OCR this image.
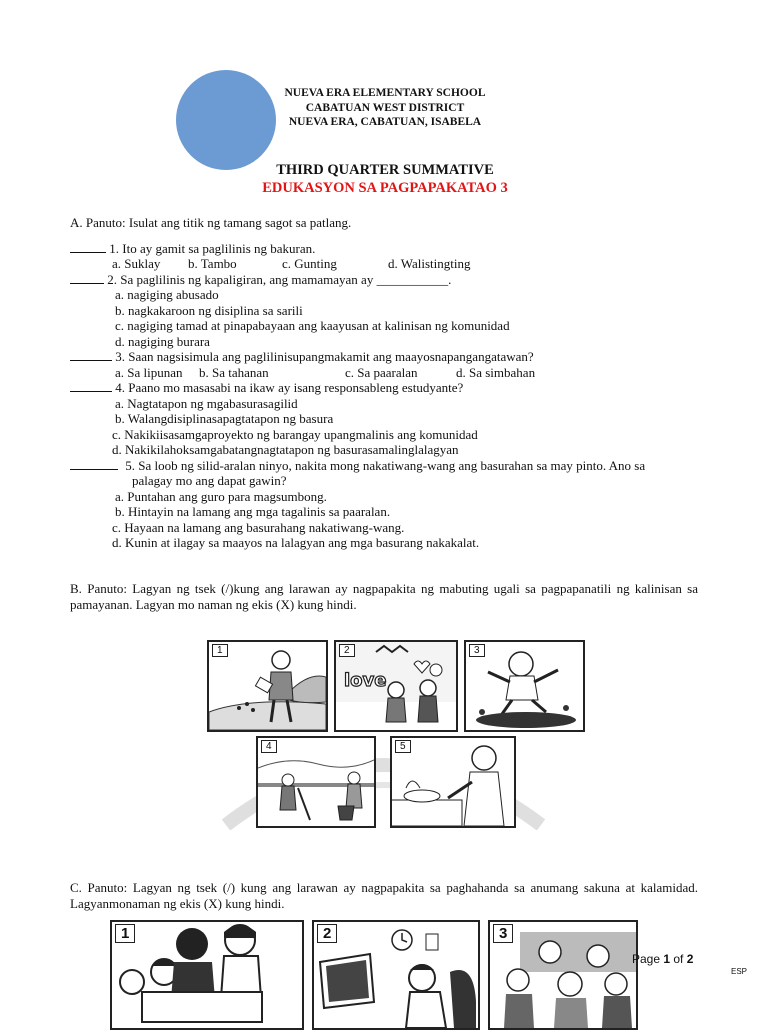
NUEVA ERA ELEMENTARY SCHOOL
CABATUAN WEST DISTRICT
NUEVA ERA, CABATUAN, ISABELA
THIRD QUARTER SUMMATIVE
EDUKASYON SA PAGPAPAKATAO 3

A. Panuto: Isulat ang titik ng tamang sagot sa patlang.

1. Ito ay gamit sa paglilinis ng bakuran.

a. Suklay	b. Tambo	c. Gunting	d. Walistingting

2. Sa paglilinis ng kapaligiran, ang mamamayan ay ___________.

a. nagiging abusado

b. nagkakaroon ng disiplina sa sarili

c. nagiging tamad at pinapabayaan ang kaayusan at kalinisan ng komunidad

d. nagiging burara

3. Saan nagsisimula ang paglilinisupangmakamit ang maayosnapangangatawan?

a. Sa lipunan	b. Sa tahanan	c. Sa paaralan	d. Sa simbahan

4. Paano mo masasabi na ikaw ay isang responsableng estudyante?

a. Nagtatapon ng mgabasurasagilid

b. Walangdisiplinasapagtatapon ng basura

c. Nakikiisasamgaproyekto ng barangay upangmalinis ang komunidad

d. Nakikilahoksamgabatangnagtatapon ng basurasamalinglalagyan

5. Sa loob ng silid-aralan ninyo, nakita mong nakatiwang-wang ang basurahan sa may pinto. Ano sa

palagay mo ang dapat gawin?

a. Puntahan ang guro para magsumbong.

b. Hintayin na lamang ang mga tagalinis sa paaralan.

c. Hayaan na lamang ang basurahang nakatiwang-wang.

d. Kunin at ilagay sa maayos na lalagyan ang mga basurang nakakalat.

B. Panuto: Lagyan ng tsek (/)kung ang larawan ay nagpapakita ng mabuting ugali sa pagpapanatili ng kalinisan sa pamayanan. Lagyan mo naman ng ekis (X) kung hindi.
1	2
love
3
4	5
C. Panuto: Lagyan ng tsek (/) kung ang larawan ay nagpapakita sa paghahanda sa anumang sakuna at kalamidad. Lagyanmonaman ng ekis (X) kung hindi.
1	2	3
Page 1 of 2
ESP
